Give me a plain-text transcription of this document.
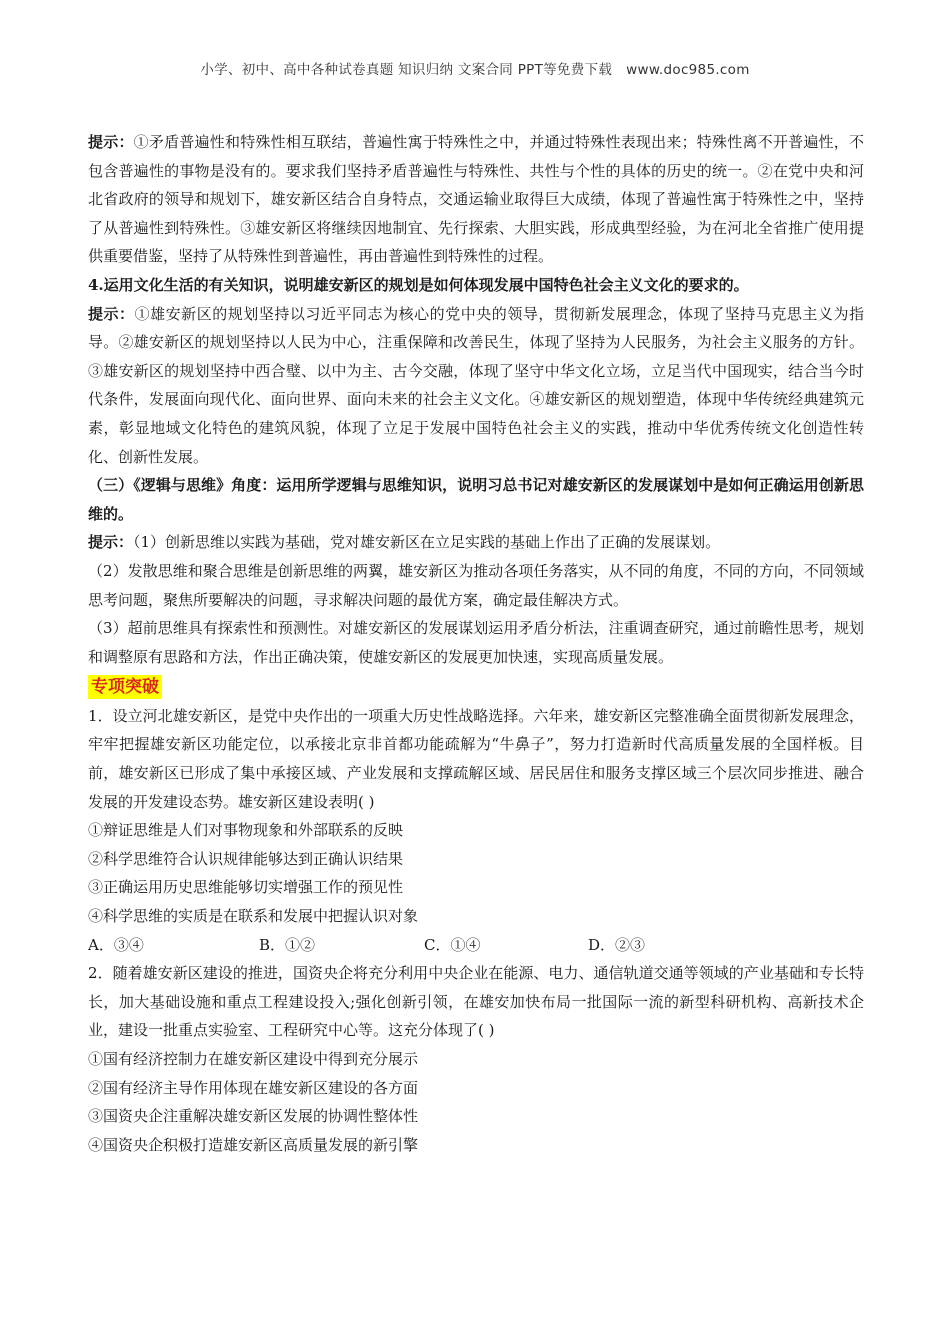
小学、初中、高中各种试卷真题 知识归纳 文案合同 PPT等免费下载 www.doc985.com

提示：①矛盾普遍性和特殊性相互联结，普遍性寓于特殊性之中，并通过特殊性表现出来；特殊性离不开普遍性，不包含普遍性的事物是没有的。要求我们坚持矛盾普遍性与特殊性、共性与个性的具体的历史的统一。②在党中央和河北省政府的领导和规划下，雄安新区结合自身特点，交通运输业取得巨大成绩，体现了普遍性寓于特殊性之中，坚持了从普遍性到特殊性。③雄安新区将继续因地制宜、先行探索、大胆实践，形成典型经验，为在河北全省推广使用提供重要借鉴，坚持了从特殊性到普遍性，再由普遍性到特殊性的过程。

4.运用文化生活的有关知识，说明雄安新区的规划是如何体现发展中国特色社会主义文化的要求的。

提示：①雄安新区的规划坚持以习近平同志为核心的党中央的领导，贯彻新发展理念，体现了坚持马克思主义为指导。②雄安新区的规划坚持以人民为中心，注重保障和改善民生，体现了坚持为人民服务，为社会主义服务的方针。③雄安新区的规划坚持中西合璧、以中为主、古今交融，体现了坚守中华文化立场，立足当代中国现实，结合当今时代条件，发展面向现代化、面向世界、面向未来的社会主义文化。④雄安新区的规划塑造，体现中华传统经典建筑元素，彰显地域文化特色的建筑风貌，体现了立足于发展中国特色社会主义的实践，推动中华优秀传统文化创造性转化、创新性发展。

（三）《逻辑与思维》角度：运用所学逻辑与思维知识，说明习总书记对雄安新区的发展谋划中是如何正确运用创新思维的。

提示：（1）创新思维以实践为基础，党对雄安新区在立足实践的基础上作出了正确的发展谋划。

（2）发散思维和聚合思维是创新思维的两翼，雄安新区为推动各项任务落实，从不同的角度，不同的方向，不同领域思考问题，聚焦所要解决的问题，寻求解决问题的最优方案，确定最佳解决方式。

（3）超前思维具有探索性和预测性。对雄安新区的发展谋划运用矛盾分析法，注重调查研究，通过前瞻性思考，规划和调整原有思路和方法，作出正确决策，使雄安新区的发展更加快速，实现高质量发展。

专项突破

1．设立河北雄安新区，是党中央作出的一项重大历史性战略选择。六年来，雄安新区完整准确全面贯彻新发展理念，牢牢把握雄安新区功能定位，以承接北京非首都功能疏解为“牛鼻子”，努力打造新时代高质量发展的全国样板。目前，雄安新区已形成了集中承接区域、产业发展和支撑疏解区域、居民居住和服务支撑区域三个层次同步推进、融合发展的开发建设态势。雄安新区建设表明( )

①辩证思维是人们对事物现象和外部联系的反映

②科学思维符合认识规律能够达到正确认识结果

③正确运用历史思维能够切实增强工作的预见性

④科学思维的实质是在联系和发展中把握认识对象

A．③④	B．①②	C．①④	D．②③

2．随着雄安新区建设的推进，国资央企将充分利用中央企业在能源、电力、通信轨道交通等领域的产业基础和专长特长，加大基础设施和重点工程建设投入;强化创新引领，在雄安加快布局一批国际一流的新型科研机构、高新技术企业，建设一批重点实验室、工程研究中心等。这充分体现了( )

①国有经济控制力在雄安新区建设中得到充分展示

②国有经济主导作用体现在雄安新区建设的各方面

③国资央企注重解决雄安新区发展的协调性整体性

④国资央企积极打造雄安新区高质量发展的新引擎
